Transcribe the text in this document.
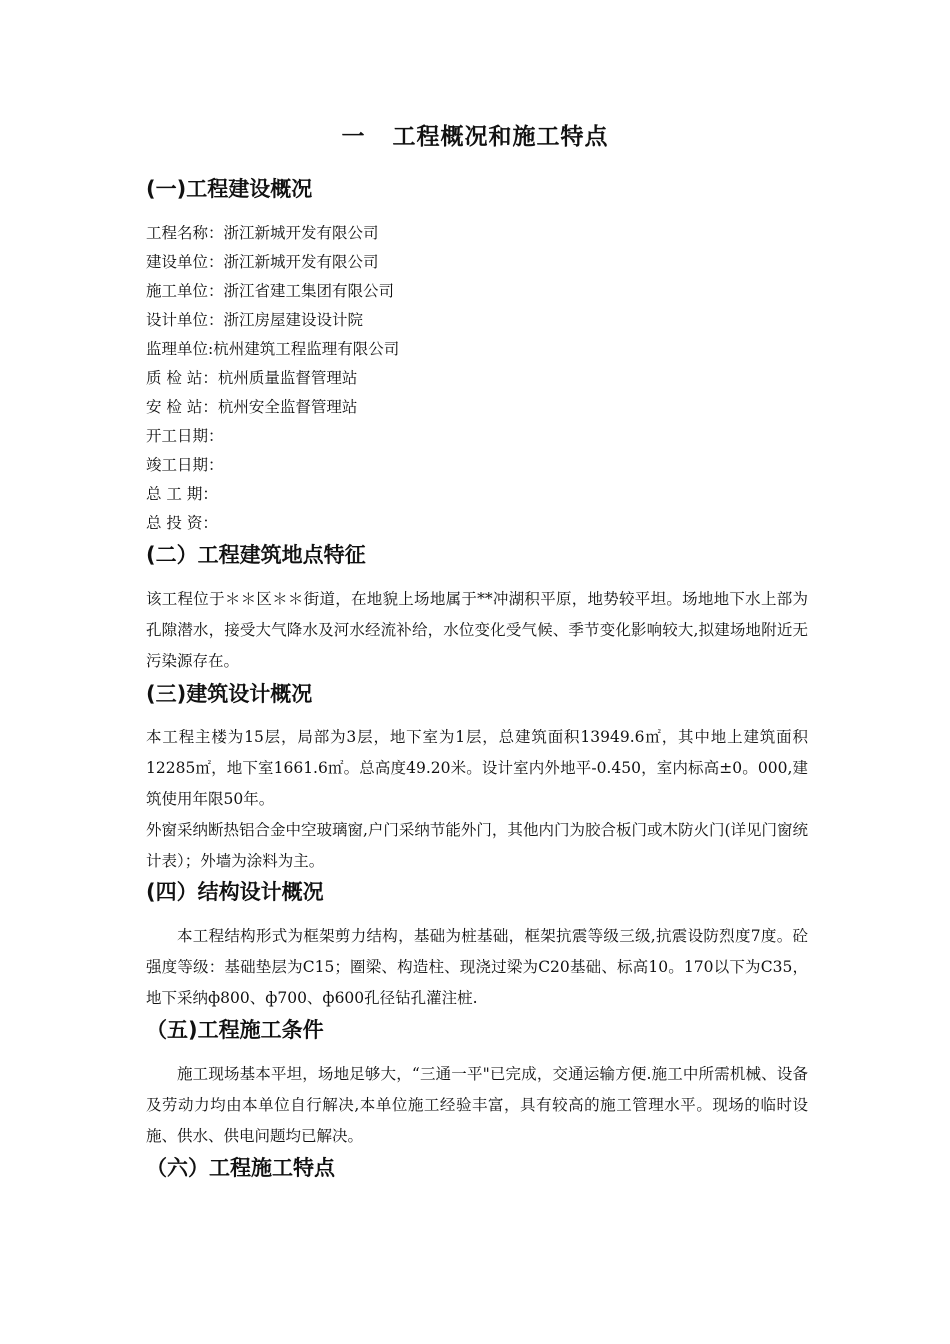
一   工程概况和施工特点
(一)工程建设概况
工程名称：浙江新城开发有限公司
建设单位：浙江新城开发有限公司
施工单位：浙江省建工集团有限公司
设计单位：浙江房屋建设设计院
监理单位:杭州建筑工程监理有限公司
质 检 站：杭州质量监督管理站
安 检 站：杭州安全监督管理站
开工日期：
竣工日期：
总 工 期：
总 投 资：
(二）工程建筑地点特征

该工程位于＊＊区＊＊街道，在地貌上场地属于**冲湖积平原，地势较平坦。场地地下水上部为孔隙潜水，接受大气降水及河水经流补给，水位变化受气候、季节变化影响较大,拟建场地附近无污染源存在。

(三)建筑设计概况

本工程主楼为15层，局部为3层，地下室为1层，总建筑面积13949.6㎡，其中地上建筑面积12285㎡，地下室1661.6㎡。总高度49.20米。设计室内外地平-0.450，室内标高±0。000,建筑使用年限50年。

外窗采纳断热铝合金中空玻璃窗,户门采纳节能外门，其他内门为胶合板门或木防火门(详见门窗统计表）；外墙为涂料为主。

(四）结构设计概况

本工程结构形式为框架剪力结构，基础为桩基础，框架抗震等级三级,抗震设防烈度7度。砼强度等级：基础垫层为C15；圈梁、构造柱、现浇过梁为C20基础、标高10。170以下为C35，地下采纳ф800、ф700、ф600孔径钻孔灌注桩.

（五)工程施工条件

施工现场基本平坦，场地足够大，“三通一平"已完成，交通运输方便.施工中所需机械、设备及劳动力均由本单位自行解决,本单位施工经验丰富，具有较高的施工管理水平。现场的临时设施、供水、供电问题均已解决。

（六）工程施工特点
